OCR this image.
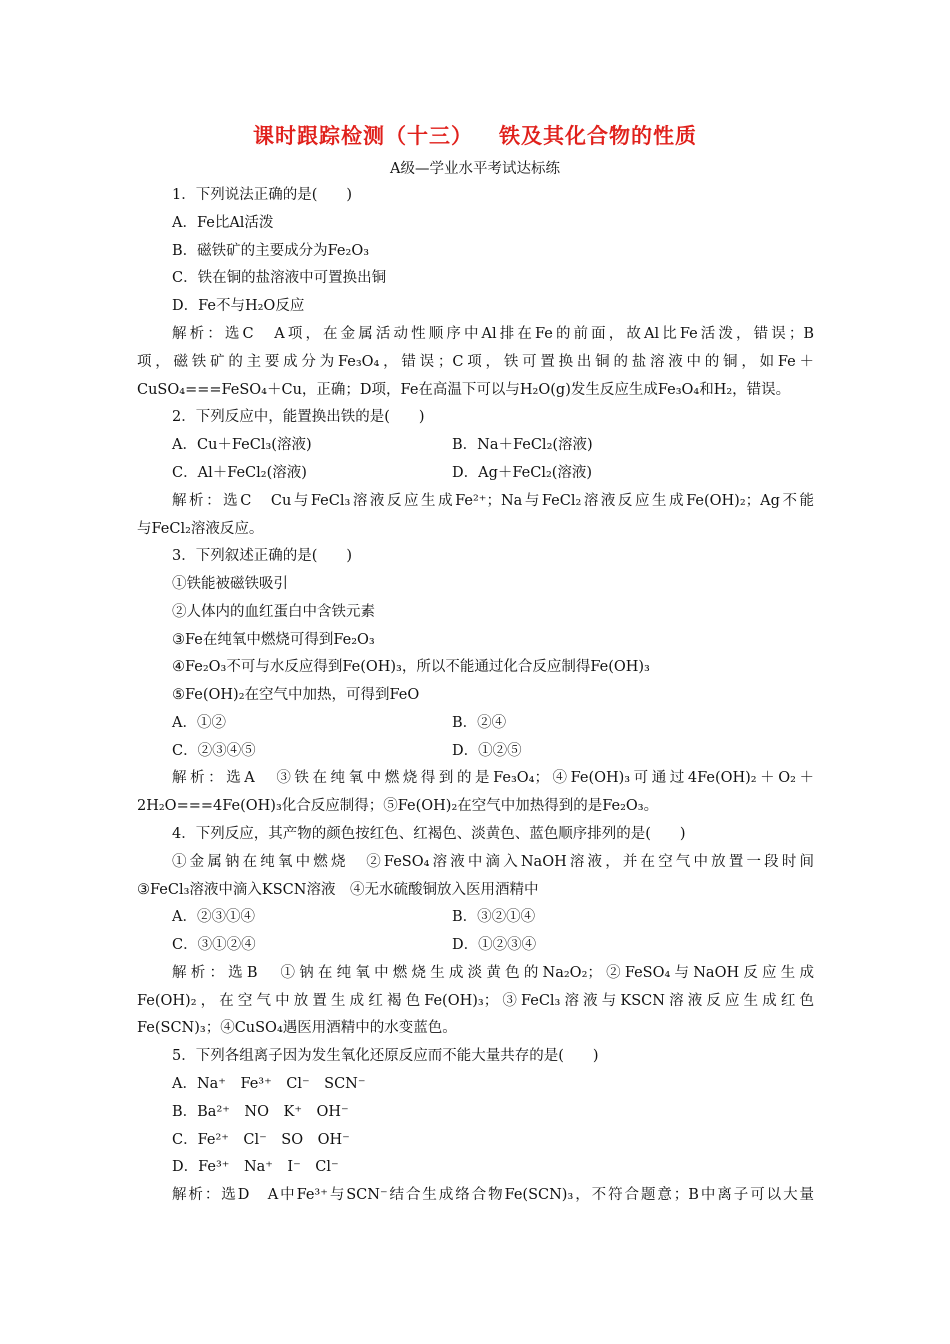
课时跟踪检测（十三） 铁及其化合物的性质
A级—学业水平考试达标练
1．下列说法正确的是(　　)
A．Fe比Al活泼
B．磁铁矿的主要成分为Fe₂O₃
C．铁在铜的盐溶液中可置换出铜
D．Fe不与H₂O反应
解析：选C　A项，在金属活动性顺序中Al排在Fe的前面，故Al比Fe活泼，错误；B
项，磁铁矿的主要成分为Fe₃O₄，错误；C项，铁可置换出铜的盐溶液中的铜，如Fe＋
CuSO₄===FeSO₄＋Cu，正确；D项，Fe在高温下可以与H₂O(g)发生反应生成Fe₃O₄和H₂，错误。
2．下列反应中，能置换出铁的是(　　)
A．Cu＋FeCl₃(溶液)	B．Na＋FeCl₂(溶液)
C．Al＋FeCl₂(溶液)	D．Ag＋FeCl₂(溶液)
解析：选C　Cu与FeCl₃溶液反应生成Fe²⁺；Na与FeCl₂溶液反应生成Fe(OH)₂；Ag不能
与FeCl₂溶液反应。
3．下列叙述正确的是(　　)
①铁能被磁铁吸引
②人体内的血红蛋白中含铁元素
③Fe在纯氧中燃烧可得到Fe₂O₃
④Fe₂O₃不可与水反应得到Fe(OH)₃，所以不能通过化合反应制得Fe(OH)₃
⑤Fe(OH)₂在空气中加热，可得到FeO
A．①②	B．②④
C．②③④⑤	D．①②⑤
解析：选A　③铁在纯氧中燃烧得到的是Fe₃O₄；④Fe(OH)₃可通过4Fe(OH)₂＋O₂＋
2H₂O===4Fe(OH)₃化合反应制得；⑤Fe(OH)₂在空气中加热得到的是Fe₂O₃。
4．下列反应，其产物的颜色按红色、红褐色、淡黄色、蓝色顺序排列的是(　　)
①金属钠在纯氧中燃烧　②FeSO₄溶液中滴入NaOH溶液，并在空气中放置一段时间
③FeCl₃溶液中滴入KSCN溶液　④无水硫酸铜放入医用酒精中
A．②③①④	B．③②①④
C．③①②④	D．①②③④
解析：选B　①钠在纯氧中燃烧生成淡黄色的Na₂O₂；②FeSO₄与NaOH反应生成
Fe(OH)₂，在空气中放置生成红褐色Fe(OH)₃；③FeCl₃溶液与KSCN溶液反应生成红色
Fe(SCN)₃；④CuSO₄遇医用酒精中的水变蓝色。
5．下列各组离子因为发生氧化还原反应而不能大量共存的是(　　)
A．Na⁺　Fe³⁺　Cl⁻　SCN⁻
B．Ba²⁺　NO　K⁺　OH⁻
C．Fe²⁺　Cl⁻　SO　OH⁻
D．Fe³⁺　Na⁺　I⁻　Cl⁻
解析：选D　A中Fe³⁺与SCN⁻结合生成络合物Fe(SCN)₃，不符合题意；B中离子可以大量
